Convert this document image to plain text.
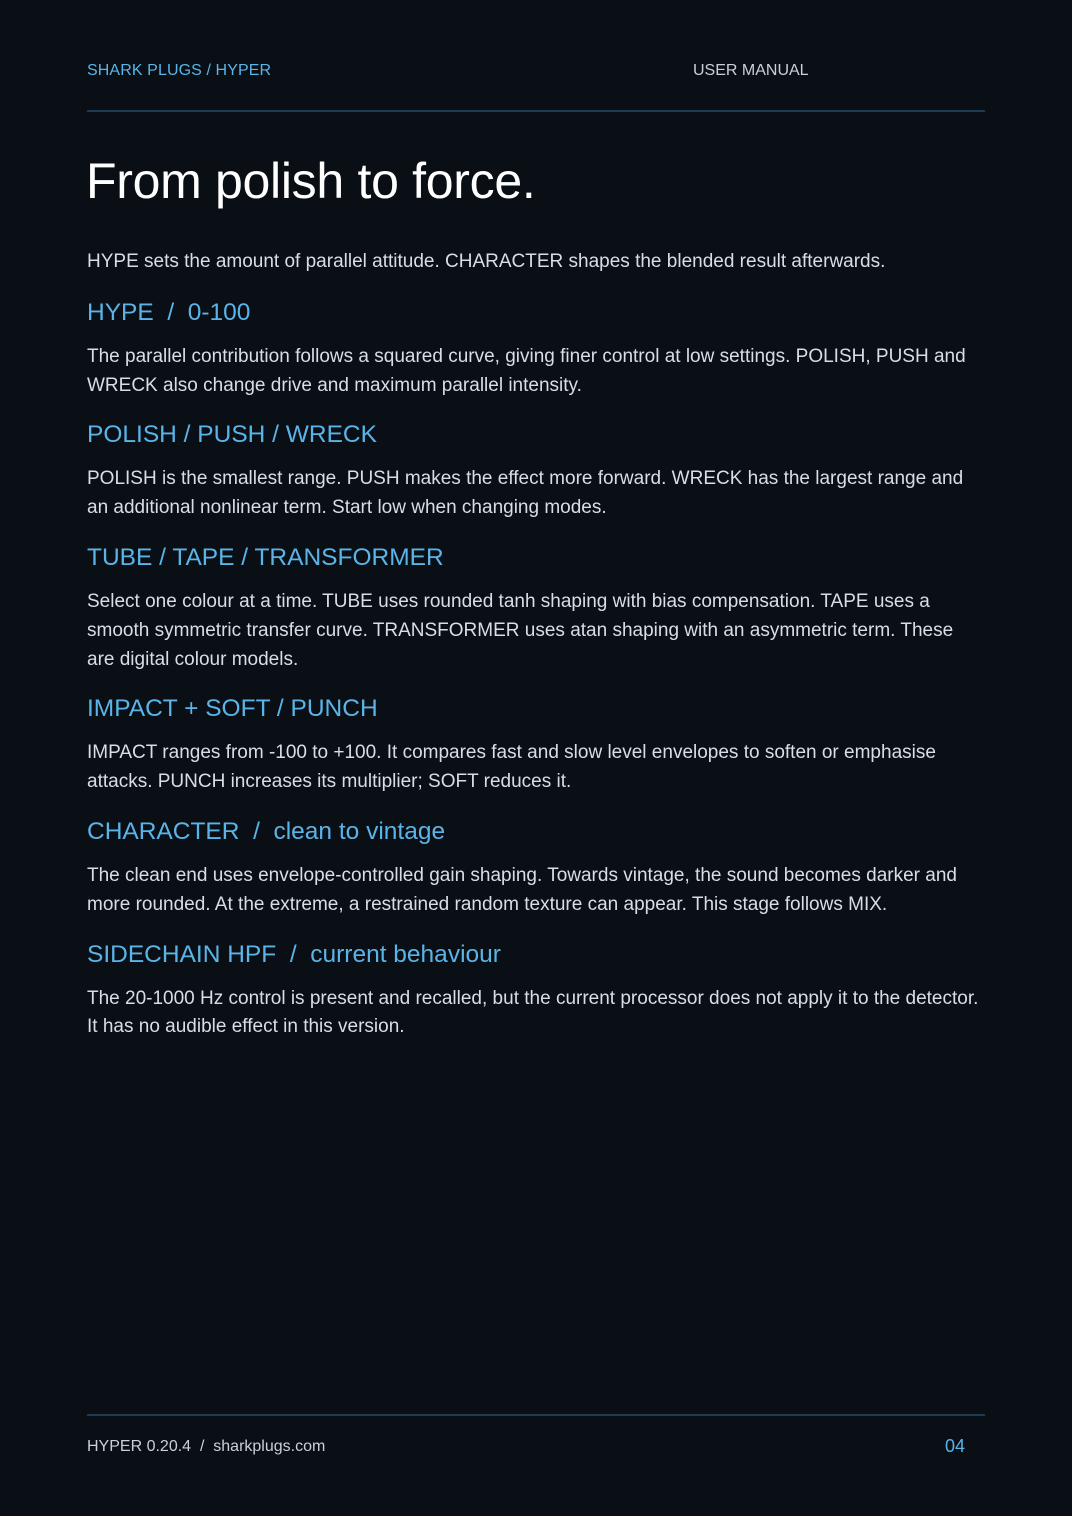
SHARK PLUGS / HYPER	USER MANUAL
From polish to force.

HYPE sets the amount of parallel attitude. CHARACTER shapes the blended result afterwards.

HYPE  /  0-100

The parallel contribution follows a squared curve, giving finer control at low settings. POLISH, PUSH and WRECK also change drive and maximum parallel intensity.

POLISH / PUSH / WRECK

POLISH is the smallest range. PUSH makes the effect more forward. WRECK has the largest range and an additional nonlinear term. Start low when changing modes.

TUBE / TAPE / TRANSFORMER

Select one colour at a time. TUBE uses rounded tanh shaping with bias compensation. TAPE uses a smooth symmetric transfer curve. TRANSFORMER uses atan shaping with an asymmetric term. These are digital colour models.

IMPACT + SOFT / PUNCH

IMPACT ranges from -100 to +100. It compares fast and slow level envelopes to soften or emphasise attacks. PUNCH increases its multiplier; SOFT reduces it.

CHARACTER  /  clean to vintage

The clean end uses envelope-controlled gain shaping. Towards vintage, the sound becomes darker and more rounded. At the extreme, a restrained random texture can appear. This stage follows MIX.

SIDECHAIN HPF  /  current behaviour

The 20-1000 Hz control is present and recalled, but the current processor does not apply it to the detector. It has no audible effect in this version.

HYPER 0.20.4  /  sharkplugs.com	04
